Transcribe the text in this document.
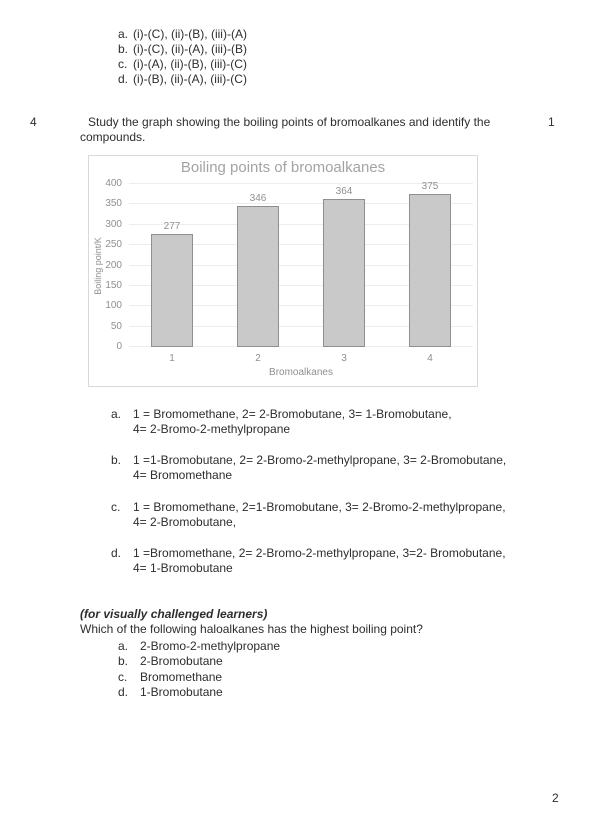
a. (i)-(C), (ii)-(B), (iii)-(A)
b. (i)-(C), (ii)-(A), (iii)-(B)
c. (i)-(A), (ii)-(B), (iii)-(C)
d. (i)-(B), (ii)-(A), (iii)-(C)
4	Study the graph showing the boiling points of bromoalkanes and identify the compounds.
1
Boiling points of bromoalkanes
Boiling point/K
0
50
100
150
200
250
300
350
400
277
346
364	375
1	2	3	4
Bromoalkanes
a. 1 = Bromomethane, 2= 2-Bromobutane, 3= 1-Bromobutane,
4= 2-Bromo-2-methylpropane
b. 1 =1-Bromobutane, 2= 2-Bromo-2-methylpropane, 3= 2-Bromobutane,
4= Bromomethane
c.	1 = Bromomethane, 2=1-Bromobutane, 3= 2-Bromo-2-methylpropane,
4= 2-Bromobutane,
d. 1 =Bromomethane, 2= 2-Bromo-2-methylpropane, 3=2- Bromobutane,
4= 1-Bromobutane
(for visually challenged learners)
Which of the following haloalkanes has the highest boiling point?
a. 2-Bromo-2-methylpropane
b. 2-Bromobutane
c.	Bromomethane
d. 1-Bromobutane
2
